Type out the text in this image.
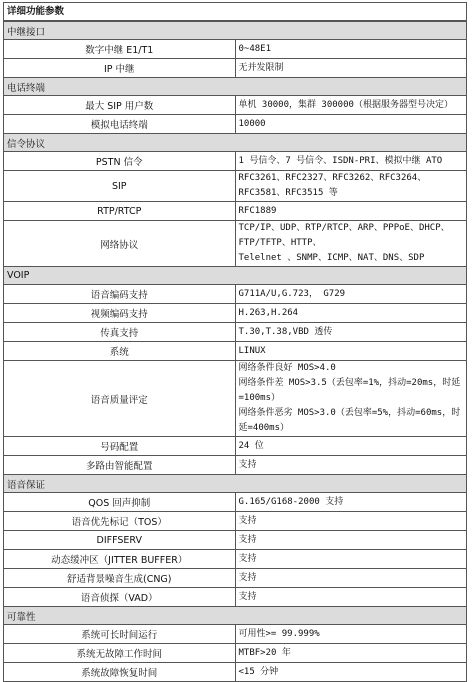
详细功能参数
中继接口	
数字中继 E1/T1	0~48E1

IP 中继	无并发限制

电话终端	
最大 SIP 用户数	单机 30000，集群 300000（根据服务器型号决定）

模拟电话终端	10000

信令协议	
PSTN 信令	1 号信令、7 号信令、ISDN-PRI、模拟中继 ATO

SIP	RFC3261、RFC2327、RFC3262、RFC3264、RFC3581、RFC3515 等

RTP/RTCP	RFC1889

网络协议	TCP/IP、UDP、RTP/RTCP、ARP、PPPoE、DHCP、FTP/TFTP、HTTP、
Telelnet 、SNMP、ICMP、NAT、DNS、SDP

VOIP	
语音编码支持	G711A/U,G.723， G729

视频编码支持	H.263,H.264

传真支持	T.30,T.38,VBD 透传

系统	LINUX

语音质量评定	网络条件良好 MOS>4.0
网络条件差 MOS>3.5（丢包率=1%，抖动=20ms，时延=100ms）
网络条件恶劣 MOS>3.0（丢包率=5%，抖动=60ms，时延=400ms）

号码配置	24 位

多路由智能配置	支持

语音保证	
QOS 回声抑制	G.165/G168-2000 支持

语音优先标记（TOS）	支持

DIFFSERV	支持

动态缓冲区（JITTER BUFFER）	支持

舒适背景噪音生成(CNG)	支持

语音侦探（VAD）	支持

可靠性	
系统可长时间运行	可用性>= 99.999%

系统无故障工作时间	MTBF>20 年

系统故障恢复时间	<15 分钟
